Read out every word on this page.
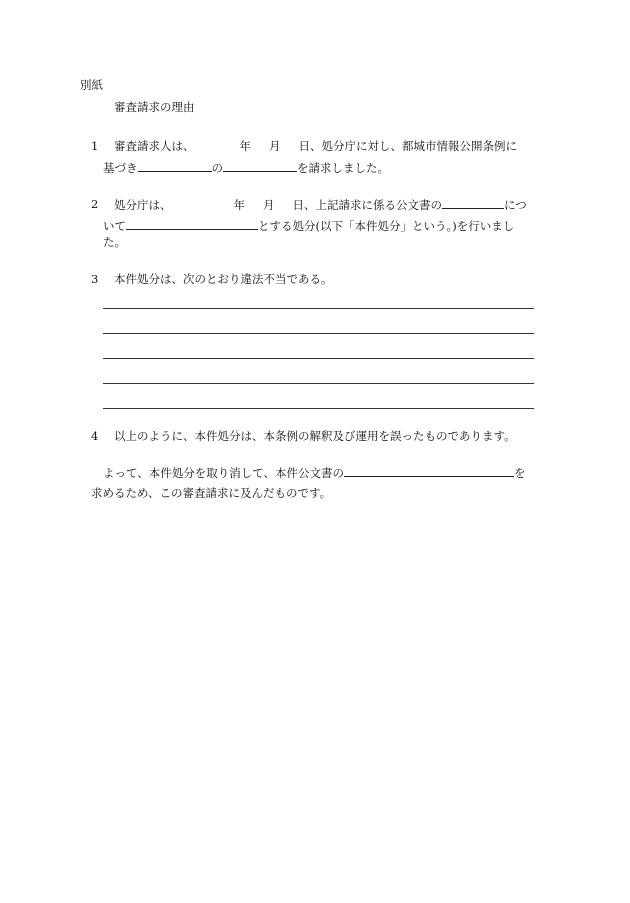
別紙
審査請求の理由
1 審査請求人は、	年 月 日、処分庁に対し、都城市情報公開条例に
基づき	の	を請求しました。
2 処分庁は、	年 月 日、上記請求に係る公文書の	につ
いて	とする処分(以下「本件処分」という。)を行いまし
た。
3 本件処分は、次のとおり違法不当である。
4 以上のように、本件処分は、本条例の解釈及び運用を誤ったものであります。
よって、本件処分を取り消して、本件公文書の	を
求めるため、この審査請求に及んだものです。
